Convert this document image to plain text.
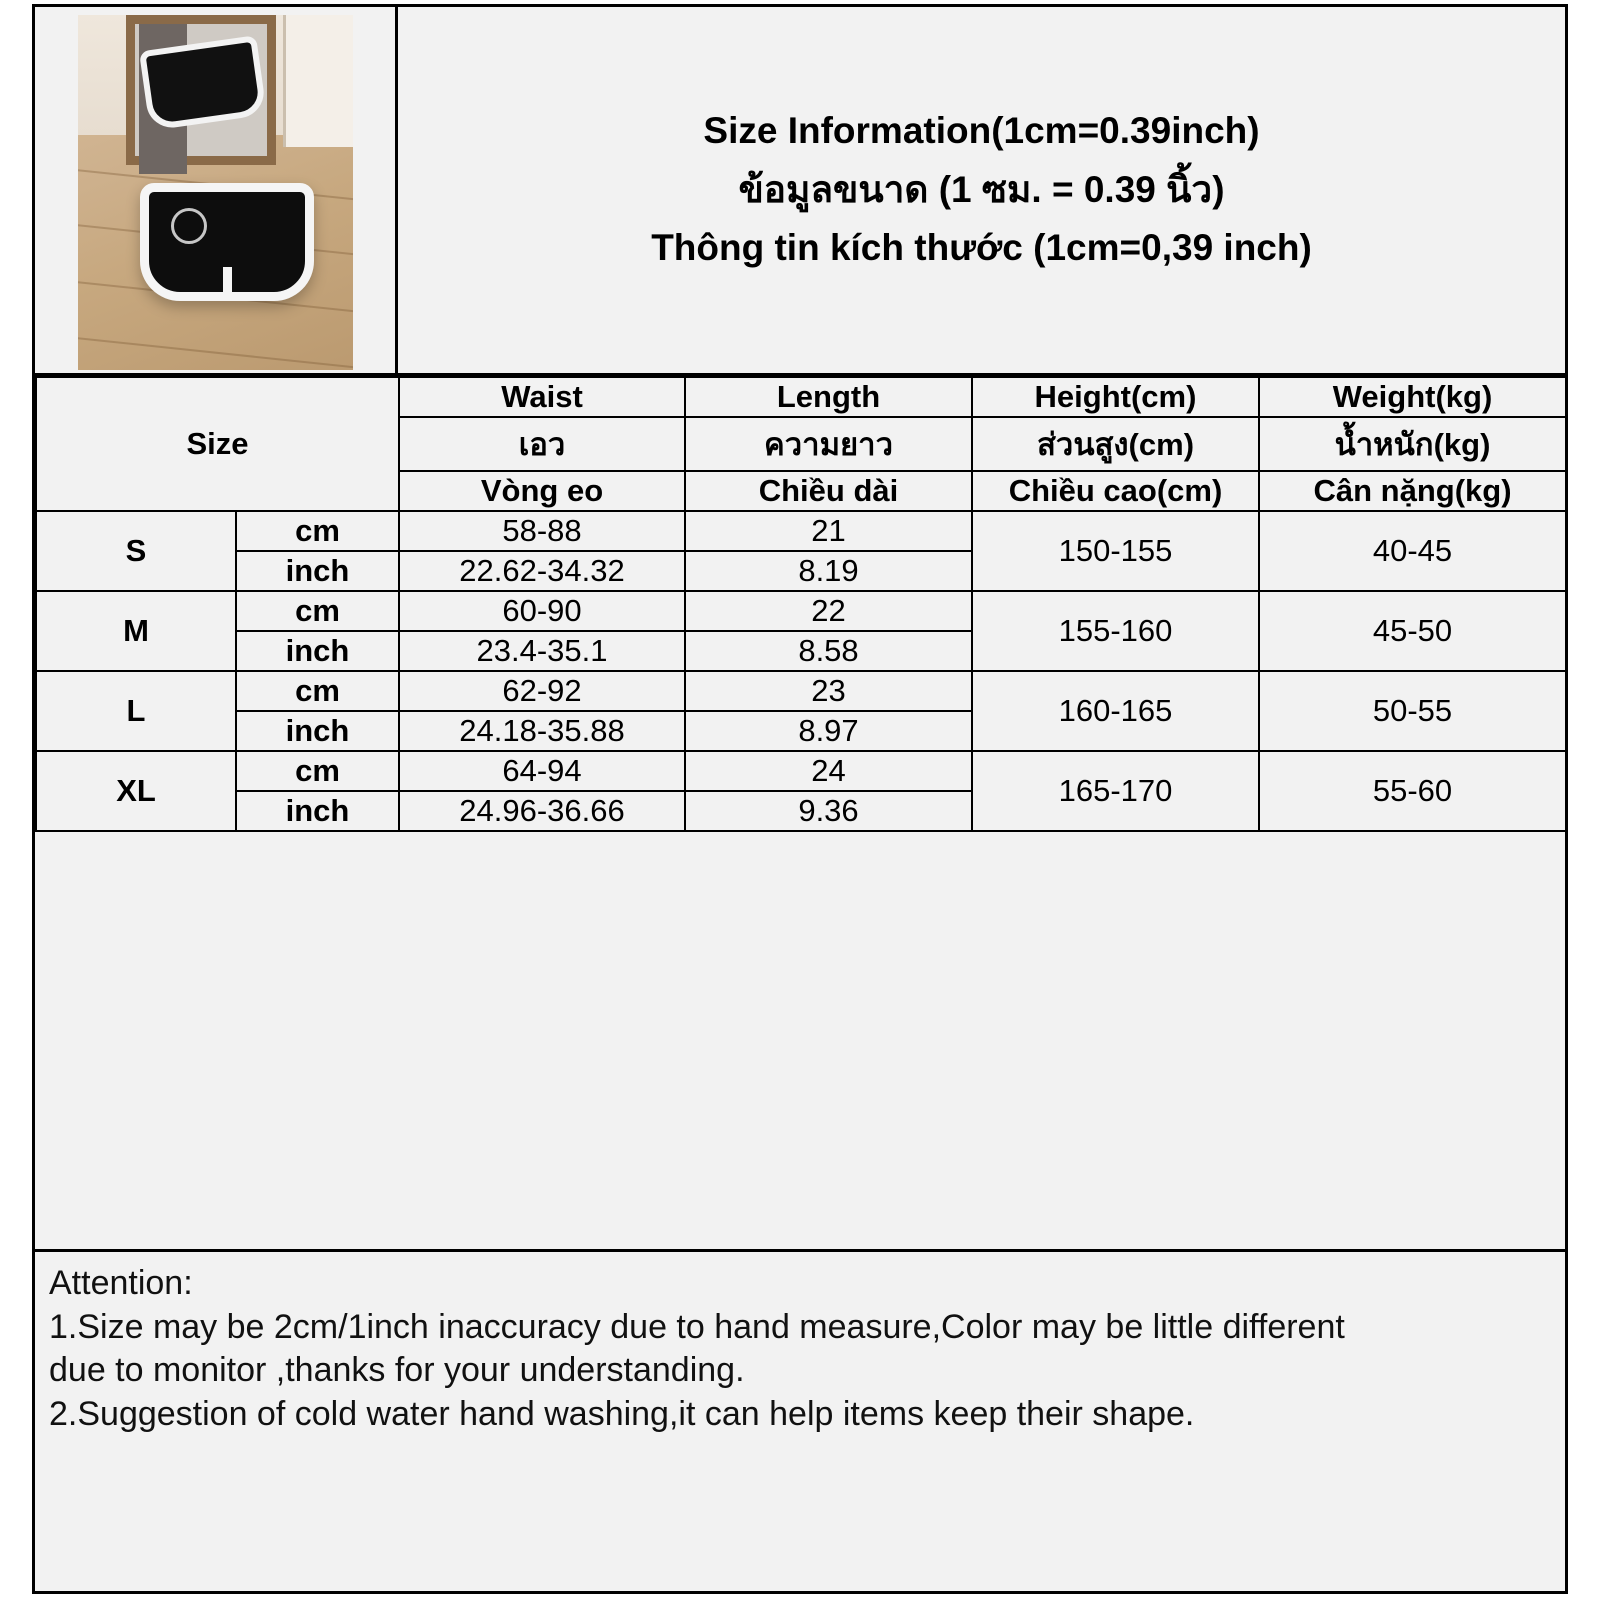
Size Information(1cm=0.39inch)
ข้อมูลขนาด (1 ซม. = 0.39 นิ้ว)
Thông tin kích thước (1cm=0,39 inch)
Size		Waist	Length	Height(cm)	Weight(kg)
		เอว	ความยาว	ส่วนสูง(cm)	น้ำหนัก(kg)
		Vòng eo	Chiều dài	Chiều cao(cm)	Cân nặng(kg)
S	cm	58-88	21	150-155	40-45
	inch	22.62-34.32	8.19		
M	cm	60-90	22	155-160	45-50
	inch	23.4-35.1	8.58		
L	cm	62-92	23	160-165	50-55
	inch	24.18-35.88	8.97		
XL	cm	64-94	24	165-170	55-60
	inch	24.96-36.66	9.36		

Attention:

1.Size may be 2cm/1inch inaccuracy due to hand measure,Color may be little different

due to monitor ,thanks for your understanding.

2.Suggestion of cold water hand washing,it can help items keep their shape.
